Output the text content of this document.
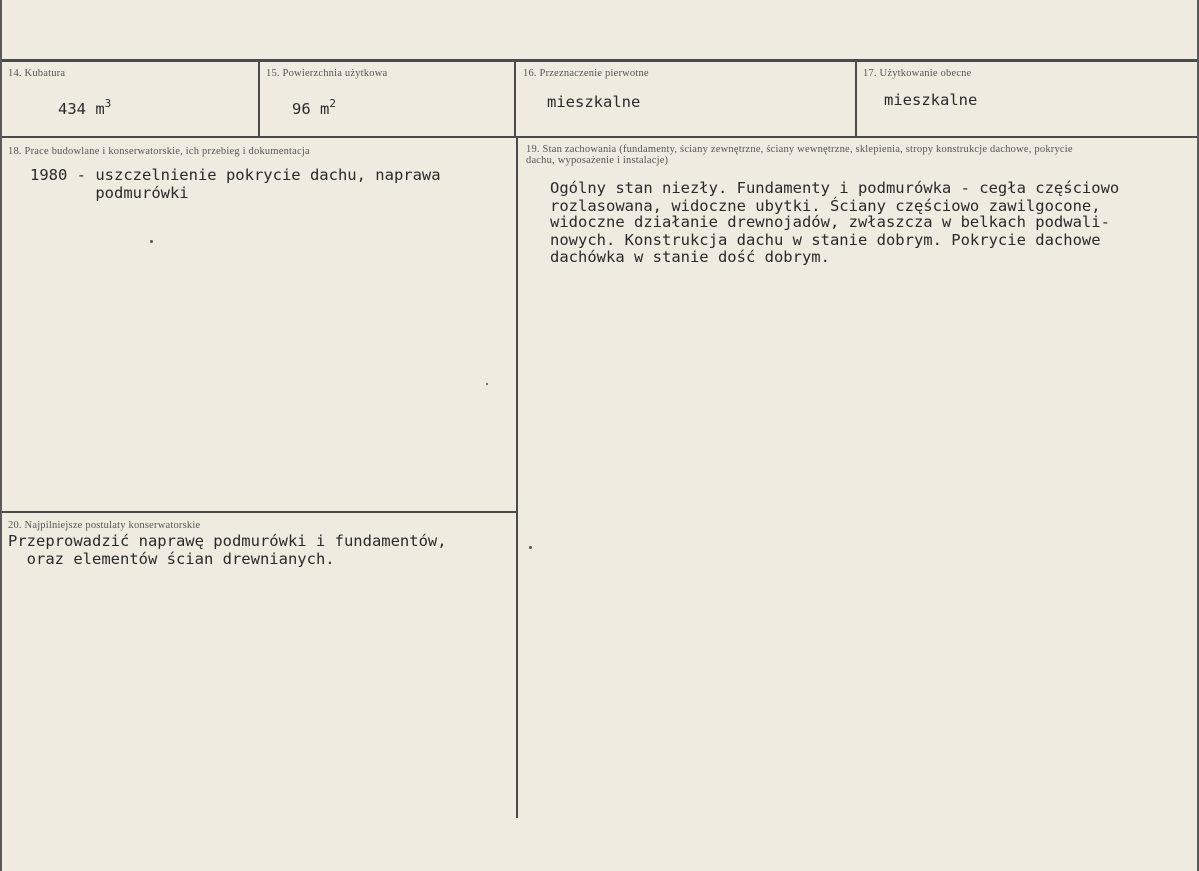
14. Kubatura
434 $m^3$
15. Powierzchnia użytkowa
96 $m^2$
16. Przeznaczenie pierwotne
mieszkalne
17. Użytkowanie obecne
mieszkalne
18. Prace budowlane i konserwatorskie, ich przebieg i dokumentacja
1980 - uszczelnienie pokrycie dachu, naprawa
podmurówki
19. Stan zachowania (fundamenty, ściany zewnętrzne, ściany wewnętrzne, sklepienia, stropy konstrukcje dachowe, pokrycie dachu, wyposażenie i instalacje)
Ogólny stan niezły. Fundamenty i podmurówka - cegła częściowo
rozlasowana, widoczne ubytki. Ściany częściowo zawilgocone,
widoczne działanie drewnojadów, zwłaszcza w belkach podwali-
nowych. Konstrukcja dachu w stanie dobrym. Pokrycie dachowe
dachówka w stanie dość dobrym.
20. Najpilniejsze postulaty konserwatorskie
Przeprowadzić naprawę podmurówki i fundamentów,
oraz elementów ścian drewnianych.
